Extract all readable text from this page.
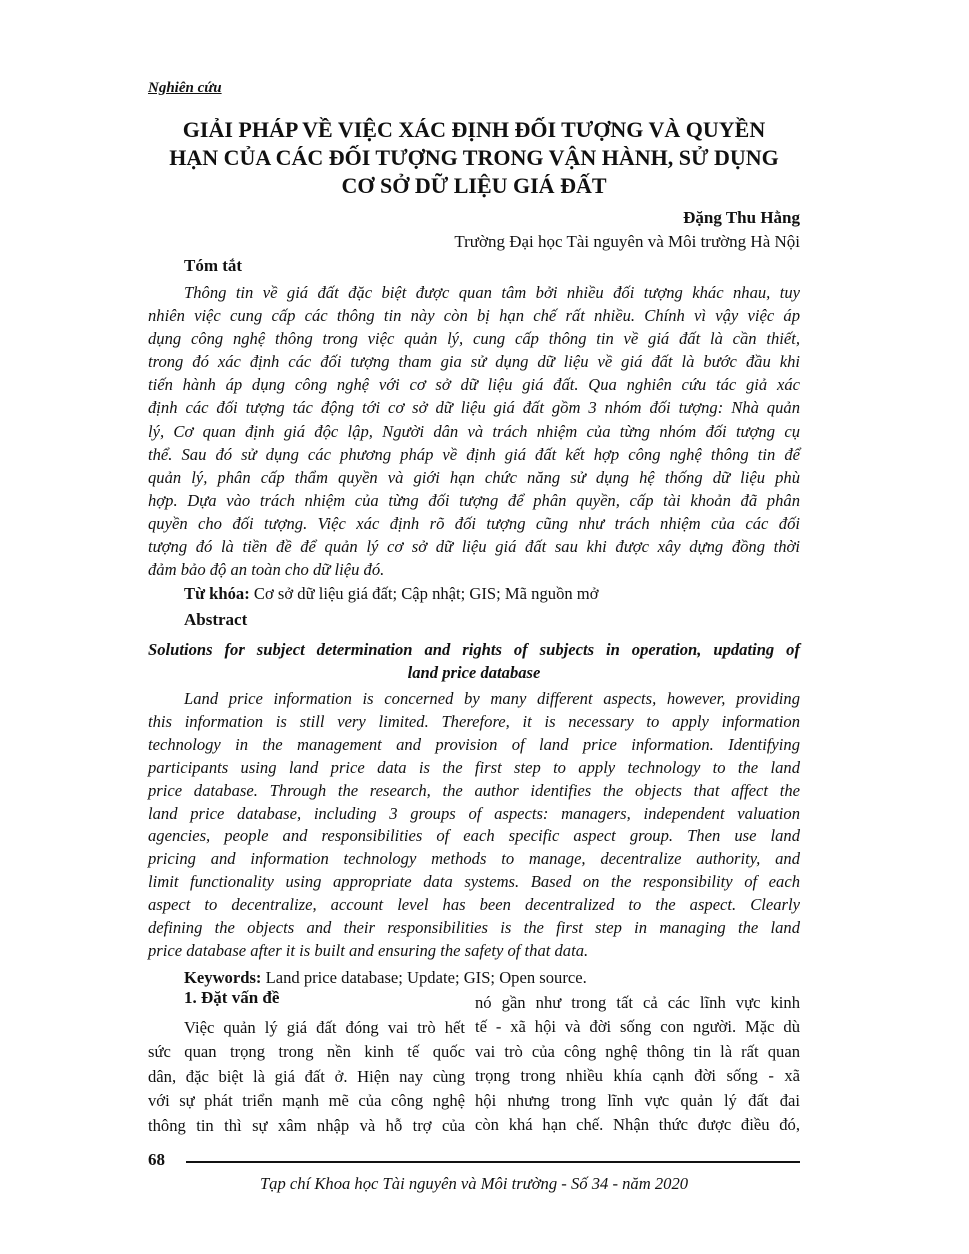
Nghiên cứu
GIẢI PHÁP VỀ VIỆC XÁC ĐỊNH ĐỐI TƯỢNG VÀ QUYỀN
HẠN CỦA CÁC ĐỐI TƯỢNG TRONG VẬN HÀNH, SỬ DỤNG
CƠ SỞ DỮ LIỆU GIÁ ĐẤT
Đặng Thu Hằng
Trường Đại học Tài nguyên và Môi trường Hà Nội
Tóm tắt
Thông tin về giá đất đặc biệt được quan tâm bởi nhiều đối tượng khác nhau, tuy
nhiên việc cung cấp các thông tin này còn bị hạn chế rất nhiều. Chính vì vậy việc áp
dụng công nghệ thông trong việc quản lý, cung cấp thông tin về giá đất là cần thiết,
trong đó xác định các đối tượng tham gia sử dụng dữ liệu về giá đất là bước đầu khi
tiến hành áp dụng công nghệ với cơ sở dữ liệu giá đất. Qua nghiên cứu tác giả xác
định các đối tượng tác động tới cơ sở dữ liệu giá đất gồm 3 nhóm đối tượng: Nhà quản
lý, Cơ quan định giá độc lập, Người dân và trách nhiệm của từng nhóm đối tượng cụ
thể. Sau đó sử dụng các phương pháp về định giá đất kết hợp công nghệ thông tin để
quản lý, phân cấp thẩm quyền và giới hạn chức năng sử dụng hệ thống dữ liệu phù
hợp. Dựa vào trách nhiệm của từng đối tượng để phân quyền, cấp tài khoản đã phân
quyền cho đối tượng. Việc xác định rõ đối tượng cũng như trách nhiệm của các đối
tượng đó là tiền đề để quản lý cơ sở dữ liệu giá đất sau khi được xây dựng đồng thời
đảm bảo độ an toàn cho dữ liệu đó.
Từ khóa: Cơ sở dữ liệu giá đất; Cập nhật; GIS; Mã nguồn mở
Abstract
Solutions for subject determination and rights of subjects in operation, updating of
land price database
Land price information is concerned by many different aspects, however, providing
this information is still very limited. Therefore, it is necessary to apply information
technology in the management and provision of land price information. Identifying
participants using land price data is the first step to apply technology to the land
price database. Through the research, the author identifies the objects that affect the
land price database, including 3 groups of aspects: managers, independent valuation
agencies, people and responsibilities of each specific aspect group. Then use land
pricing and information technology methods to manage, decentralize authority, and
limit functionality using appropriate data systems. Based on the responsibility of each
aspect to decentralize, account level has been decentralized to the aspect. Clearly
defining the objects and their responsibilities is the first step in managing the land
price database after it is built and ensuring the safety of that data.
Keywords: Land price database; Update; GIS; Open source.
1. Đặt vấn đề
Việc quản lý giá đất đóng vai trò hết
sức quan trọng trong nền kinh tế quốc
dân, đặc biệt là giá đất ở. Hiện nay cùng
với sự phát triển mạnh mẽ của công nghệ
thông tin thì sự xâm nhập và hỗ trợ của
nó gần như trong tất cả các lĩnh vực kinh
tế - xã hội và đời sống con người. Mặc dù
vai trò của công nghệ thông tin là rất quan
trọng trong nhiều khía cạnh đời sống - xã
hội nhưng trong lĩnh vực quản lý đất đai
còn khá hạn chế. Nhận thức được điều đó,
68
Tạp chí Khoa học Tài nguyên và Môi trường - Số 34 - năm 2020
